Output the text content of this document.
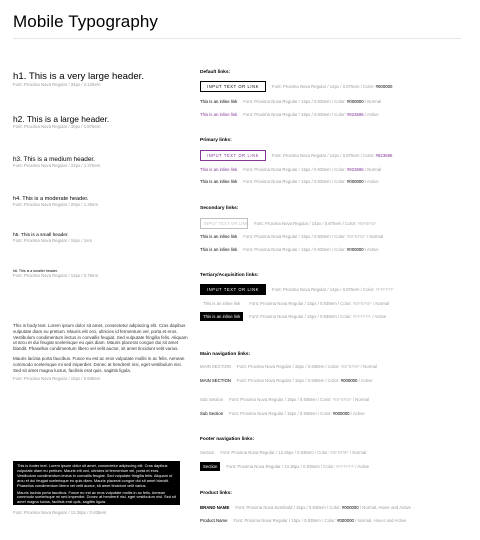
Mobile Typography
h1. This is a very large header.
Font: Proxima Nova Regular / 34px / 2.125em
h2. This is a large header.
Font: Proxima Nova Regular / 30px / 1.875em
h3. This is a medium header.
Font: Proxima Nova Regular / 22px / 1.375em
h4. This is a moderate header.
Font: Proxima Nova Regular / 20px / 1.25em
h5. This is a small header.
Font: Proxima Nova Regular / 16px / 1em
h6. This is a smaller header.
Font: Proxima Nova Regular / 12px / 0.75em

This is body text. Lorem ipsum dolor sit amet, consectetur adipiscing elit. Cras dapibus vulputate diam eu pretium. Mauris elit orci, ultricies id fermentum vel, porta et eros. Vestibulum condimentum lectus in convallis feugiat. Sed vulputate fringilla felis. Aliquam ut arcu et dui feugiat scelerisque eu quis diam. Mauris placerat congue dui sit amet blandit. Phasellus condimentum libero vel velit auctor, sit amet tincidunt velit varius.

Mauris lacinia porta faucibus. Fusce eu est ac eros vulputate mollis in ac felis. Aenean commodo scelerisque mi sed imperdiet. Donec at hendrerit nisi, eget vestibulum nisi. Sed sit amet magna luctus, facilisis erat quis, sagittis ligula.

Font: Proxima Nova Regular / 15px / 0.938em

This is footer text. Lorem ipsum dolor sit amet, consectetur adipiscing elit. Cras dapibus vulputate diam eu pretium. Mauris elit orci, ultricies id fermentum vel, porta et eros. Vestibulum condimentum lectus in convallis feugiat. Sed vulputate fringilla felis. Aliquam ut arcu et dui feugiat scelerisque eu quis diam. Mauris placerat congue dui sit amet blandit. Phasellus condimentum libero vel velit auctor, sit amet tincidunt velit varius.

Mauris lacinia porta faucibus. Fusce eu est ac eros vulputate mollis in ac felis. Aenean commodo scelerisque mi sed imperdiet. Donec at hendrerit nisi, eget vestibulum nisi. Sed sit amet magna luctus, facilisis erat quis, sagittis ligula.

Font: Proxima Nova Regular / 13.36px / 0.835em
Default links:
INPUT TEXT OR LINK	Font: Proxima Nova Regular / 14px / 0.875em / Color: #000000
This is an inline link Font: Proxima Nova Regular / 15px / 0.938em / Color: #000000 / Normal
This is an inline link Font: Proxima Nova Regular / 15px / 0.938em / Color: #823696 / Active
Primary links:
INPUT TEXT OR LINK	Font: Proxima Nova Regular / 14px / 0.875em / Color: #823696
This is an inline link Font: Proxima Nova Regular / 15px / 0.938em / Color: #823696 / Normal
This is an inline link Font: Proxima Nova Regular / 15px / 0.938em / Color: #000000 / Active
Secondary links:
INPUT TEXT OR LINK Font: Proxima Nova Regular / 14px / 0.875em / Color: #BFBFBF
This is an inline link Font: Proxima Nova Regular / 15px / 0.938em / Color: #BFBFBF / Normal
This is an inline link Font: Proxima Nova Regular / 15px / 0.938em / Color: #000000 / Active
Tertiary/Acquisition links:
INPUT TEXT OR LINK	Font: Proxima Nova Regular / 14px / 0.875em / Color: #FFFFFF
This is an inline link	Font: Proxima Nova Regular / 15px / 0.938em / Color: #BFBFBF / Normal
This is an inline link	Font: Proxima Nova Regular / 15px / 0.938em / Color: #FFFFFF / Active
Main navigation links:
MAIN SECTION Font: Proxima Nova Regular / 15px / 0.938em / Color: #BFBFBF / Normal
MAIN SECTION Font: Proxima Nova Regular / 15px / 0.938em / Color: #000000 / Active
Sub Section Font: Proxima Nova Regular / 15px / 0.938em / Color: #BFBFBF / Normal
Sub Section Font: Proxima Nova Regular / 15px / 0.938em / Color: #000000 / Active
Footer navigation links:
Section Font: Proxima Nova Regular / 13.36px / 0.835em / Color: #BFBFBF / Normal
Section	Font: Proxima Nova Regular / 13.36px / 0.835em / Color: #FFFFFF / Active
Product links:
BRAND NAME Font: Proxima Nova Semibold / 15px / 0.938em / Color: #000000 / Normal, Hover and Active
Product Name Font: Proxima Nova Regular / 15px / 0.938em / Color: #000000 / Normal, Hover and Active
